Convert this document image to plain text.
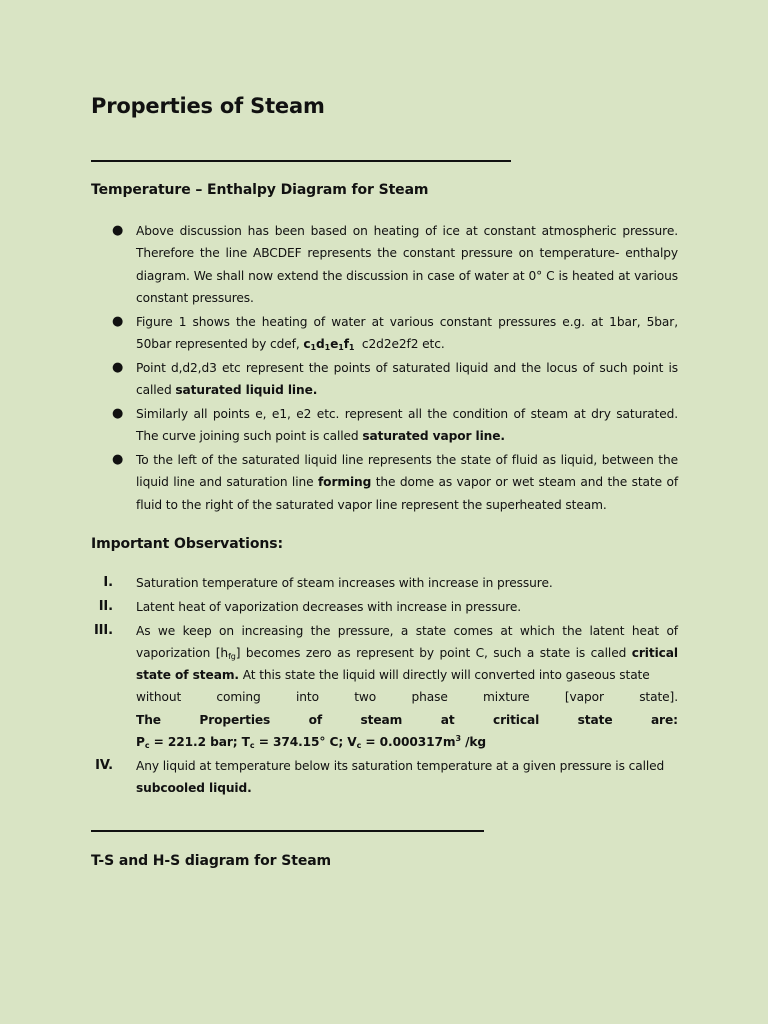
Properties of Steam
Temperature – Enthalpy Diagram for Steam
● Above discussion has been based on heating of ice at constant atmospheric pressure. Therefore the line ABCDEF represents the constant pressure on temperature- enthalpy diagram. We shall now extend the discussion in case of water at 0° C is heated at various constant pressures.
● Figure 1 shows the heating of water at various constant pressures e.g. at 1bar, 5bar, 50bar represented by cdef, $c_1d_1e_1f_1$  c2d2e2f2 etc.
● Point d,d2,d3 etc represent the points of saturated liquid and the locus of such point is called saturated liquid line.
● Similarly all points e, e1, e2 etc. represent all the condition of steam at dry saturated. The curve joining such point is called saturated vapor line.
● To the left of the saturated liquid line represents the state of fluid as liquid, between the liquid line and saturation line forming the dome as vapor or wet steam and the state of fluid to the right of the saturated vapor line represent the superheated steam.
Important Observations:
I. Saturation temperature of steam increases with increase in pressure.
II. Latent heat of vaporization decreases with increase in pressure.
III. As we keep on increasing the pressure, a state comes at which the latent heat of vaporization $[h_{fg}]$ becomes zero as represent by point C, such a state is called critical state of steam. At this state the liquid will directly will converted into gaseous state
without	coming	into	two	phase	mixture	[vapor	state].
The	Properties	of	steam	at	critical	state	are:
$P_c = 221.2$ bar; $T_c = 374.15^\circ$ C; $V_c = 0.000317m^3$ /kg
IV. Any liquid at temperature below its saturation temperature at a given pressure is called subcooled liquid.
T-S and H-S diagram for Steam
